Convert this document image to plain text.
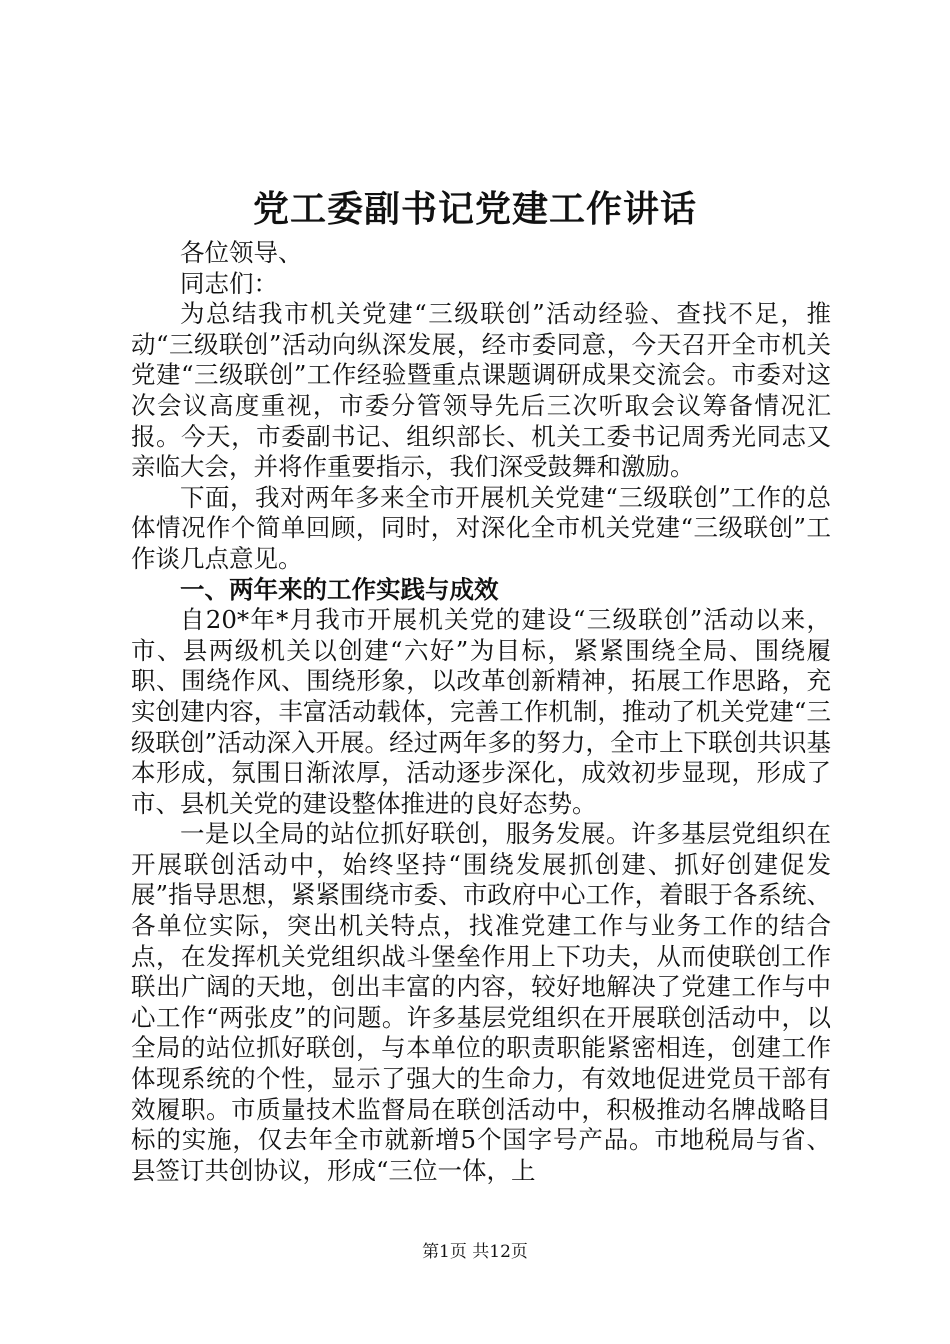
党工委副书记党建工作讲话

各位领导、

同志们：

为总结我市机关党建“三级联创”活动经验、查找不足，推动“三级联创”活动向纵深发展，经市委同意，今天召开全市机关党建“三级联创”工作经验暨重点课题调研成果交流会。市委对这次会议高度重视，市委分管领导先后三次听取会议筹备情况汇报。今天，市委副书记、组织部长、机关工委书记周秀光同志又亲临大会，并将作重要指示，我们深受鼓舞和激励。

下面，我对两年多来全市开展机关党建“三级联创”工作的总体情况作个简单回顾，同时，对深化全市机关党建“三级联创”工作谈几点意见。

一、两年来的工作实践与成效

自20*年*月我市开展机关党的建设“三级联创”活动以来，市、县两级机关以创建“六好”为目标，紧紧围绕全局、围绕履职、围绕作风、围绕形象，以改革创新精神，拓展工作思路，充实创建内容，丰富活动载体，完善工作机制，推动了机关党建“三级联创”活动深入开展。经过两年多的努力，全市上下联创共识基本形成，氛围日渐浓厚，活动逐步深化，成效初步显现，形成了市、县机关党的建设整体推进的良好态势。

一是以全局的站位抓好联创，服务发展。许多基层党组织在开展联创活动中，始终坚持“围绕发展抓创建、抓好创建促发展”指导思想，紧紧围绕市委、市政府中心工作，着眼于各系统、各单位实际，突出机关特点，找准党建工作与业务工作的结合点，在发挥机关党组织战斗堡垒作用上下功夫，从而使联创工作联出广阔的天地，创出丰富的内容，较好地解决了党建工作与中心工作“两张皮”的问题。许多基层党组织在开展联创活动中，以全局的站位抓好联创，与本单位的职责职能紧密相连，创建工作体现系统的个性，显示了强大的生命力，有效地促进党员干部有效履职。市质量技术监督局在联创活动中，积极推动名牌战略目标的实施，仅去年全市就新增5个国字号产品。市地税局与省、县签订共创协议，形成“三位一体，上

第1页 共12页
